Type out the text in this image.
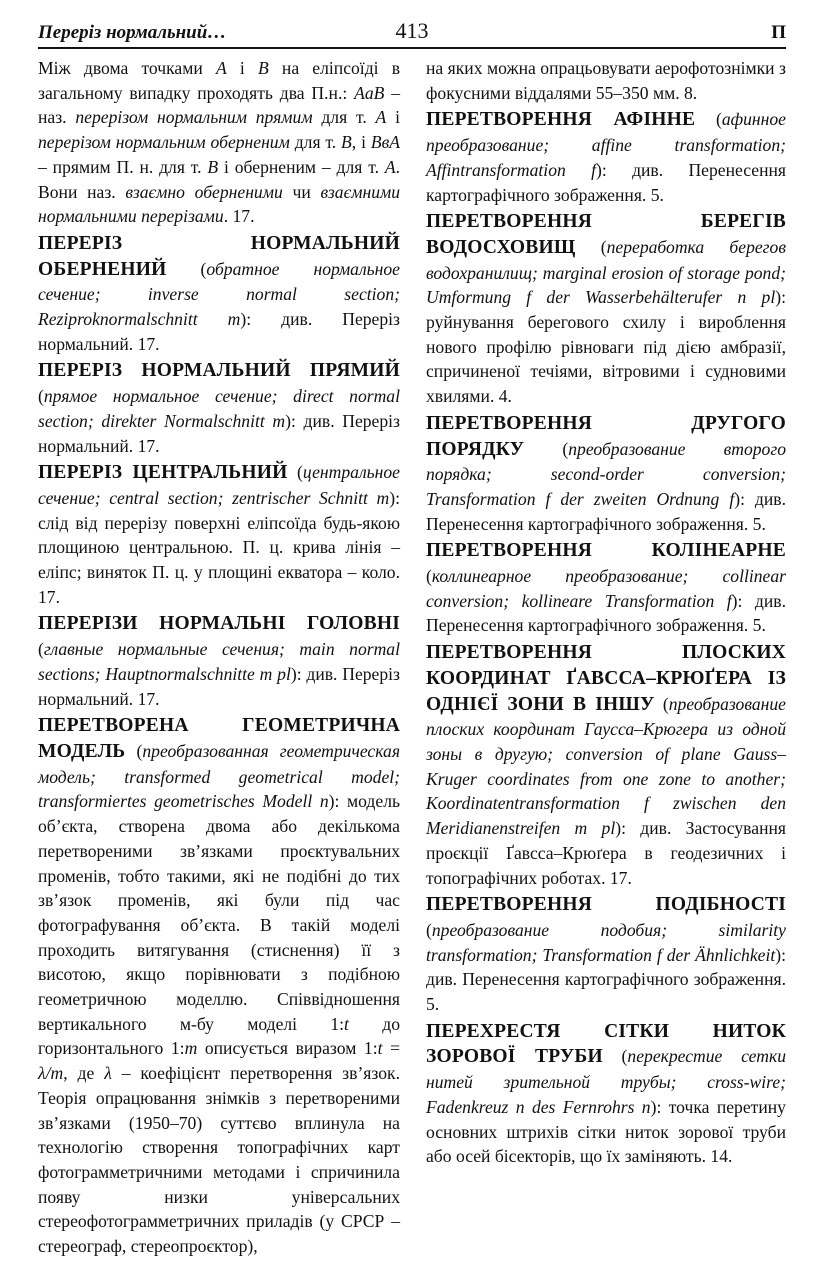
Переріз нормальний…	413	П

Між двома точками A і B на еліпсоїді в загальному випадку проходять два П.н.: AaB – наз. перерізом нормальним прямим для т. A і перерізом нормальним оберненим для т. B, і BвA – прямим П. н. для т. B і оберненим – для т. A. Вони наз. взаємно оберненими чи взаємними нормальними перерізами. 17.

ПЕРЕРІЗ НОРМАЛЬНИЙ ОБЕРНЕНИЙ (обратное нормальное сечение; inverse normal section; Reziproknormalschnitt m): див. Переріз нормальний. 17.

ПЕРЕРІЗ НОРМАЛЬНИЙ ПРЯМИЙ (прямое нормальное сечение; direct normal section; direkter Normalschnitt m): див. Переріз нормальний. 17.

ПЕРЕРІЗ ЦЕНТРАЛЬНИЙ (центральное сечение; central section; zentrischer Schnitt m): слід від перерізу поверхні еліпсоїда будь-якою площиною центральною. П. ц. крива лінія – еліпс; виняток П. ц. у площині екватора – коло. 17.

ПЕРЕРІЗИ НОРМАЛЬНІ ГОЛОВНІ (главные нормальные сечения; main normal sections; Hauptnormalschnitte m pl): див. Переріз нормальний. 17.

ПЕРЕТВОРЕНА ГЕОМЕТРИЧНА МОДЕЛЬ (преобразованная геометрическая модель; transformed geometrical model; transformiertes geometrisches Modell n): модель об’єкта, створена двома або декількома перетвореними зв’язками проєктувальних променів, тобто такими, які не подібні до тих зв’язок променів, які були під час фотографування об’єкта. В такій моделі проходить витягування (стиснення) її з висотою, якщо порівнювати з подібною геометричною моделлю. Співвідношення вертикального м-бу моделі 1:t до горизонтального 1:m описується виразом 1:t = λ/m, де λ – коефіцієнт перетворення зв’язок. Теорія опрацювання знімків з перетвореними зв’язками (1950–70) суттєво вплинула на технологію створення топографічних карт фотограмметричними методами і спричинила появу низки універсальних стереофотограмметричних приладів (у СРСР – стереограф, стереопроєктор),

на яких можна опрацьовувати аерофотознімки з фокусними віддалями 55–350 мм. 8.

ПЕРЕТВОРЕННЯ АФІННЕ (афинное преобразование; affine transformation; Affintransformation f): див. Перенесення картографічного зображення. 5.

ПЕРЕТВОРЕННЯ БЕРЕГІВ ВОДОСХОВИЩ (переработка берегов водохранилищ; marginal erosion of storage pond; Umformung f der Wasserbehälterufer n pl): руйнування берегового схилу і вироблення нового профілю рівноваги під дією амбразії, спричиненої течіями, вітровими і судновими хвилями. 4.

ПЕРЕТВОРЕННЯ ДРУГОГО ПОРЯДКУ (преобразование второго порядка; second-order conversion; Transformation f der zweiten Ordnung f): див. Перенесення картографічного зображення. 5.

ПЕРЕТВОРЕННЯ КОЛІНЕАРНЕ (коллинеарное преобразование; collinear conversion; kollineare Transformation f): див. Перенесення картографічного зображення. 5.

ПЕРЕТВОРЕННЯ ПЛОСКИХ КООРДИНАТ ҐАВССА–КРЮҐЕРА ІЗ ОДНІЄЇ ЗОНИ В ІНШУ (преобразование плоских координат Гаусса–Крюгера из одной зоны в другую; conversion of plane Gauss–Kruger coordinates from one zone to another; Koordinatentransformation f zwischen den Meridianenstreifen m pl): див. Застосування проєкції Ґавсса–Крюґера в геодезичних і топографічних роботах. 17.

ПЕРЕТВОРЕННЯ ПОДІБНОСТІ (преобразование подобия; similarity transformation; Transformation f der Ähnlichkeit): див. Перенесення картографічного зображення. 5.

ПЕРЕХРЕСТЯ СІТКИ НИТОК ЗОРОВОЇ ТРУБИ (перекрестие сетки нитей зрительной трубы; cross-wire; Fadenkreuz n des Fernrohrs n): точка перетину основних штрихів сітки ниток зорової труби або осей бісекторів, що їх заміняють. 14.
